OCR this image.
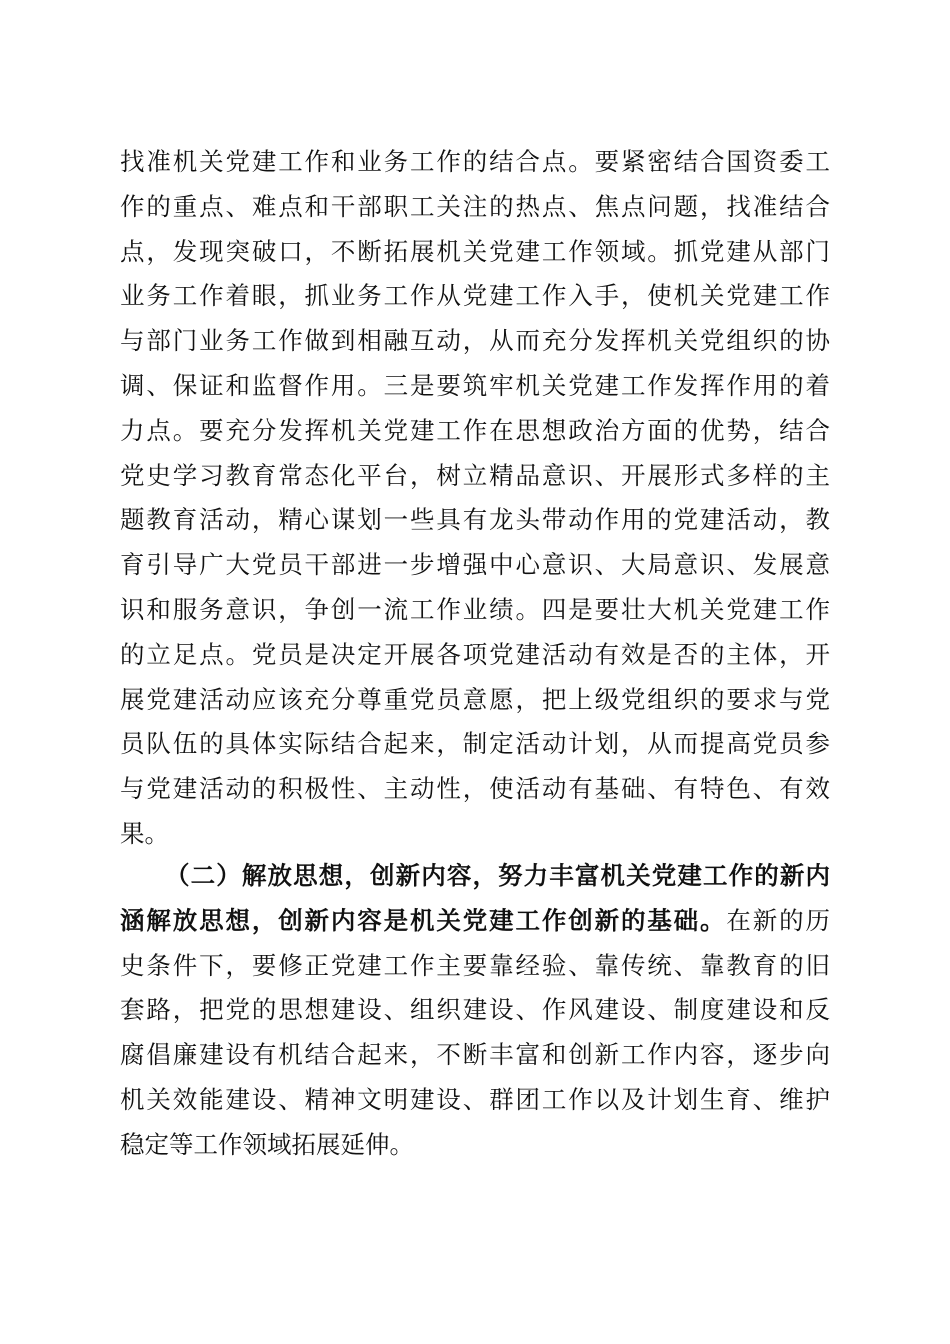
找准机关党建工作和业务工作的结合点。要紧密结合国资委工
作的重点、难点和干部职工关注的热点、焦点问题，找准结合
点，发现突破口，不断拓展机关党建工作领域。抓党建从部门
业务工作着眼，抓业务工作从党建工作入手，使机关党建工作
与部门业务工作做到相融互动，从而充分发挥机关党组织的协
调、保证和监督作用。三是要筑牢机关党建工作发挥作用的着
力点。要充分发挥机关党建工作在思想政治方面的优势，结合
党史学习教育常态化平台，树立精品意识、开展形式多样的主
题教育活动，精心谋划一些具有龙头带动作用的党建活动，教
育引导广大党员干部进一步增强中心意识、大局意识、发展意
识和服务意识，争创一流工作业绩。四是要壮大机关党建工作
的立足点。党员是决定开展各项党建活动有效是否的主体，开
展党建活动应该充分尊重党员意愿，把上级党组织的要求与党
员队伍的具体实际结合起来，制定活动计划，从而提高党员参
与党建活动的积极性、主动性，使活动有基础、有特色、有效
果。
（二）解放思想，创新内容，努力丰富机关党建工作的新内
涵解放思想，创新内容是机关党建工作创新的基础。在新的历
史条件下，要修正党建工作主要靠经验、靠传统、靠教育的旧
套路，把党的思想建设、组织建设、作风建设、制度建设和反
腐倡廉建设有机结合起来，不断丰富和创新工作内容，逐步向
机关效能建设、精神文明建设、群团工作以及计划生育、维护
稳定等工作领域拓展延伸。
